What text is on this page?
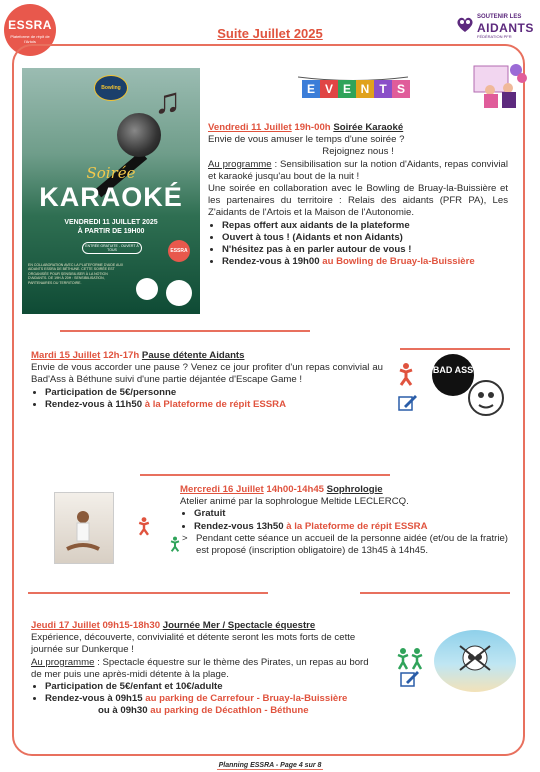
ESSRA
Plateforme de répit de l'Artois
Suite Juillet 2025
SOUTENIR LES
AIDANTS
FÉDÉRATION PFR
Bowling
Soirée
KARAOKÉ
VENDREDI 11 JUILLET 2025
À PARTIR DE 19H00
ENTRÉE GRATUITE - OUVERT À TOUS
EN COLLABORATION AVEC LA PLATEFORME D'AIDE AUX AIDANTS ESSRA DE BÉTHUNE. CETTE SOIRÉE EST ORGANISÉE POUR SENSIBILISER À LA NOTION D'AIDANTS. DE 19H À 20H : SENSIBILISATION, PARTENAIRES DU TERRITOIRE.
ESSRA
♫	E V E N T S
Vendredi 11 Juillet 19h-00h Soirée Karaoké
Envie de vous amuser le temps d'une soirée ?
Rejoignez nous !
Au programme : Sensibilisation sur la notion d'Aidants, repas convivial et karaoké jusqu'au bout de la nuit !
Une soirée en collaboration avec le Bowling de Bruay-la-Buissière et les partenaires du territoire : Relais des aidants (PFR PA), Les Z'aidants de l'Artois et la Maison de l'Autonomie.
• Repas offert aux aidants de la plateforme
• Ouvert à tous ! (Aidants et non Aidants)
• N'hésitez pas à en parler autour de vous !
• Rendez-vous à 19h00 au Bowling de Bruay-la-Buissière
Mardi 15 Juillet 12h-17h Pause détente Aidants
Envie de vous accorder une pause ? Venez ce jour profiter d'un repas convivial au Bad'Ass à Béthune suivi d'une partie déjantée d'Escape Game !
• Participation de 5€/personne
• Rendez-vous à 11h50 à la Plateforme de répit ESSRA
BAD ASS
Mercredi 16 Juillet 14h00-14h45 Sophrologie
Atelier animé par la sophrologue Meltide LECLERCQ.
• Gratuit
• Rendez-vous 13h50 à la Plateforme de répit ESSRA
> Pendant cette séance un accueil de la personne aidée (et/ou de la fratrie) est proposé (inscription obligatoire) de 13h45 à 14h45.
Jeudi 17 Juillet 09h15-18h30 Journée Mer / Spectacle équestre
Expérience, découverte, convivialité et détente seront les mots forts de cette journée sur Dunkerque !
Au programme : Spectacle équestre sur le thème des Pirates, un repas au bord de mer puis une après-midi détente à la plage.
• Participation de 5€/enfant et 10€/adulte
• Rendez-vous à 09h15 au parking de Carrefour - Bruay-la-Buissière
ou à 09h30 au parking de Décathlon - Béthune
Planning ESSRA - Page 4 sur 8
